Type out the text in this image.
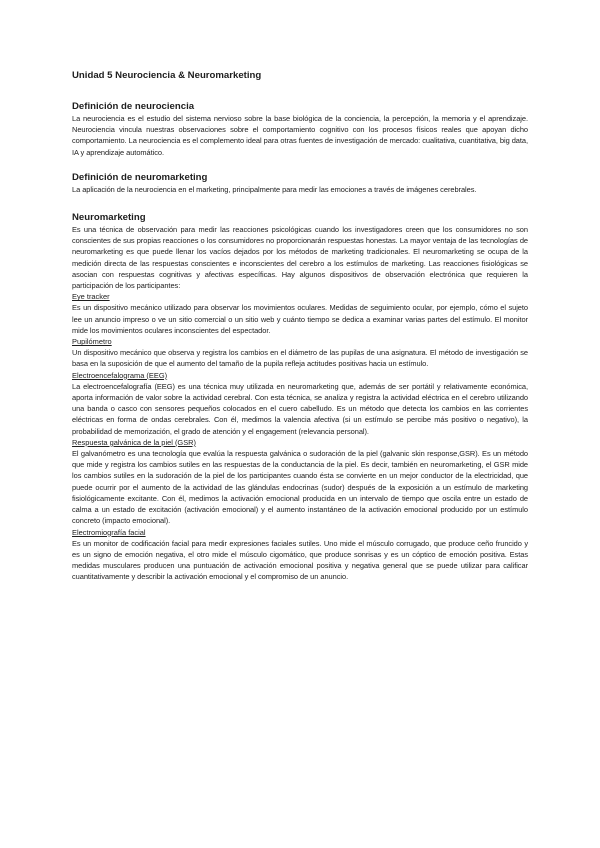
Unidad 5 Neurociencia & Neuromarketing
Definición de neurociencia
La neurociencia es el estudio del sistema nervioso sobre la base biológica de la conciencia, la percepción, la memoria y el aprendizaje. Neurociencia vincula nuestras observaciones sobre el comportamiento cognitivo con los procesos físicos reales que apoyan dicho comportamiento. La neurociencia es el complemento ideal para otras fuentes de investigación de mercado: cualitativa, cuantitativa, big data, IA y aprendizaje automático.
Definición de neuromarketing
La aplicación de la neurociencia en el marketing, principalmente para medir las emociones a través de imágenes cerebrales.
Neuromarketing
Es una técnica de observación para medir las reacciones psicológicas cuando los investigadores creen que los consumidores no son conscientes de sus propias reacciones o los consumidores no proporcionarán respuestas honestas. La mayor ventaja de las tecnologías de neuromarketing es que puede llenar los vacíos dejados por los métodos de marketing tradicionales. El neuromarketing se ocupa de la medición directa de las respuestas conscientes e inconscientes del cerebro a los estímulos de marketing. Las reacciones fisiológicas se asocian con respuestas cognitivas y afectivas específicas. Hay algunos dispositivos de observación electrónica que requieren la participación de los participantes:
Eye tracker
Es un dispositivo mecánico utilizado para observar los movimientos oculares. Medidas de seguimiento ocular, por ejemplo, cómo el sujeto lee un anuncio impreso o ve un sitio comercial o un sitio web y cuánto tiempo se dedica a examinar varias partes del estímulo. El monitor mide los movimientos oculares inconscientes del espectador.
Pupilómetro
Un dispositivo mecánico que observa y registra los cambios en el diámetro de las pupilas de una asignatura. El método de investigación se basa en la suposición de que el aumento del tamaño de la pupila refleja actitudes positivas hacia un estímulo.
Electroencefalograma (EEG)
La electroencefalografía (EEG) es una técnica muy utilizada en neuromarketing que, además de ser portátil y relativamente económica, aporta información de valor sobre la actividad cerebral. Con esta técnica, se analiza y registra la actividad eléctrica en el cerebro utilizando una banda o casco con sensores pequeños colocados en el cuero cabelludo. Es un método que detecta los cambios en las corrientes eléctricas en forma de ondas cerebrales. Con él, medimos la valencia afectiva (si un estímulo se percibe más positivo o negativo), la probabilidad de memorización, el grado de atención y el engagement (relevancia personal).
Respuesta galvánica de la piel (GSR)
El galvanómetro es una tecnología que evalúa la respuesta galvánica o sudoración de la piel (galvanic skin response,GSR). Es un método que mide y registra los cambios sutiles en las respuestas de la conductancia de la piel. Es decir, también en neuromarketing, el GSR mide los cambios sutiles en la sudoración de la piel de los participantes cuando ésta se convierte en un mejor conductor de la electricidad, que puede ocurrir por el aumento de la actividad de las glándulas endocrinas (sudor) después de la exposición a un estímulo de marketing fisiológicamente excitante. Con él, medimos la activación emocional producida en un intervalo de tiempo que oscila entre un estado de calma a un estado de excitación (activación emocional) y el aumento instantáneo de la activación emocional producido por un estímulo concreto (impacto emocional).
Electromiografía facial
Es un monitor de codificación facial para medir expresiones faciales sutiles. Uno mide el músculo corrugado, que produce ceño fruncido y es un signo de emoción negativa, el otro mide el músculo cigomático, que produce sonrisas y es un cóptico de emoción positiva. Estas medidas musculares producen una puntuación de activación emocional positiva y negativa general que se puede utilizar para calificar cuantitativamente y describir la activación emocional y el compromiso de un anuncio.
